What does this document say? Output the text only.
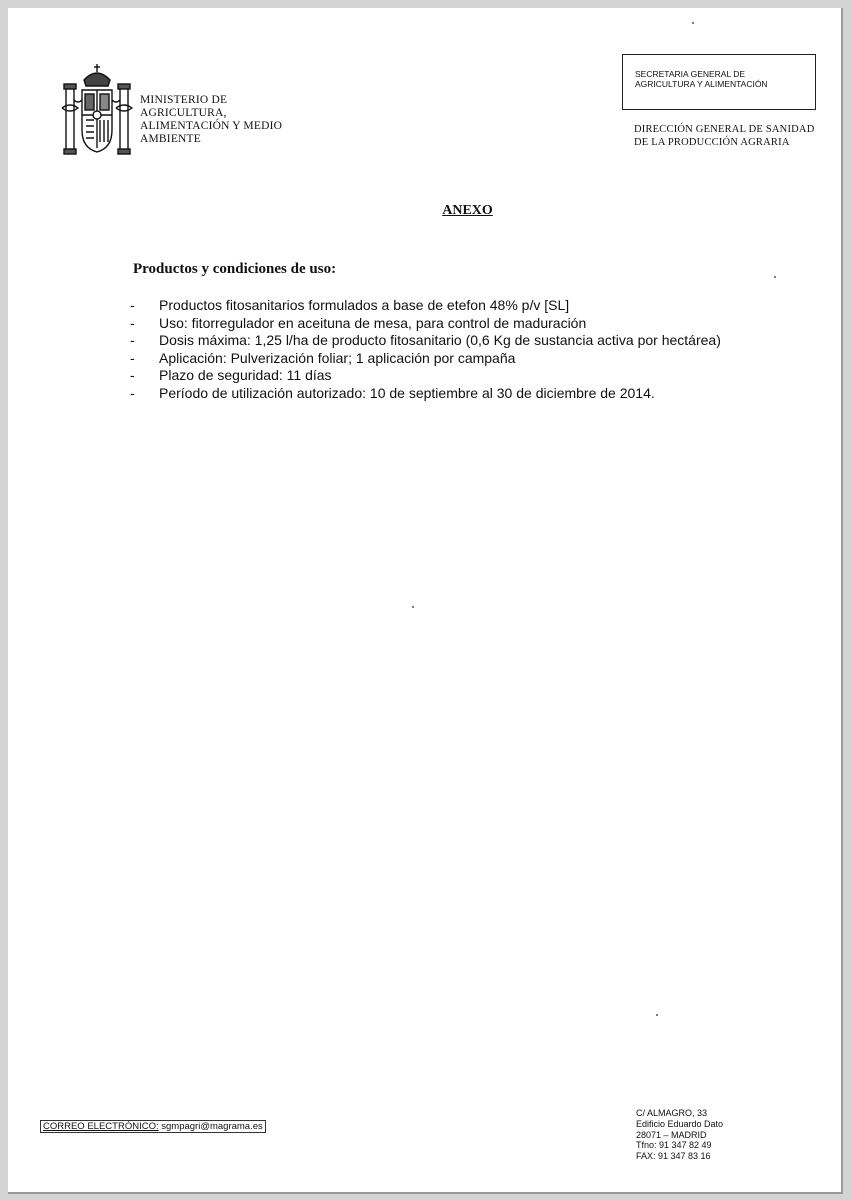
MINISTERIO DE
AGRICULTURA,
ALIMENTACIÓN Y MEDIO
AMBIENTE
SECRETARIA GENERAL DE
AGRICULTURA Y ALIMENTACIÓN
DIRECCIÓN GENERAL DE SANIDAD
DE LA PRODUCCIÓN AGRARIA
ANEXO
Productos y condiciones de uso:
- Productos fitosanitarios formulados a base de etefon 48% p/v [SL]
- Uso: fitorregulador en aceituna de mesa, para control de maduración
- Dosis máxima: 1,25 l/ha de producto fitosanitario (0,6 Kg de sustancia activa por hectárea)
- Aplicación: Pulverización foliar; 1 aplicación por campaña
- Plazo de seguridad: 11 días
- Período de utilización autorizado: 10 de septiembre al 30 de diciembre de 2014.
CORREO ELECTRÓNICO: sgmpagri@magrama.es
C/ ALMAGRO, 33
Edificio Eduardo Dato
28071 – MADRID
Tfno: 91 347 82 49
FAX: 91 347 83 16
